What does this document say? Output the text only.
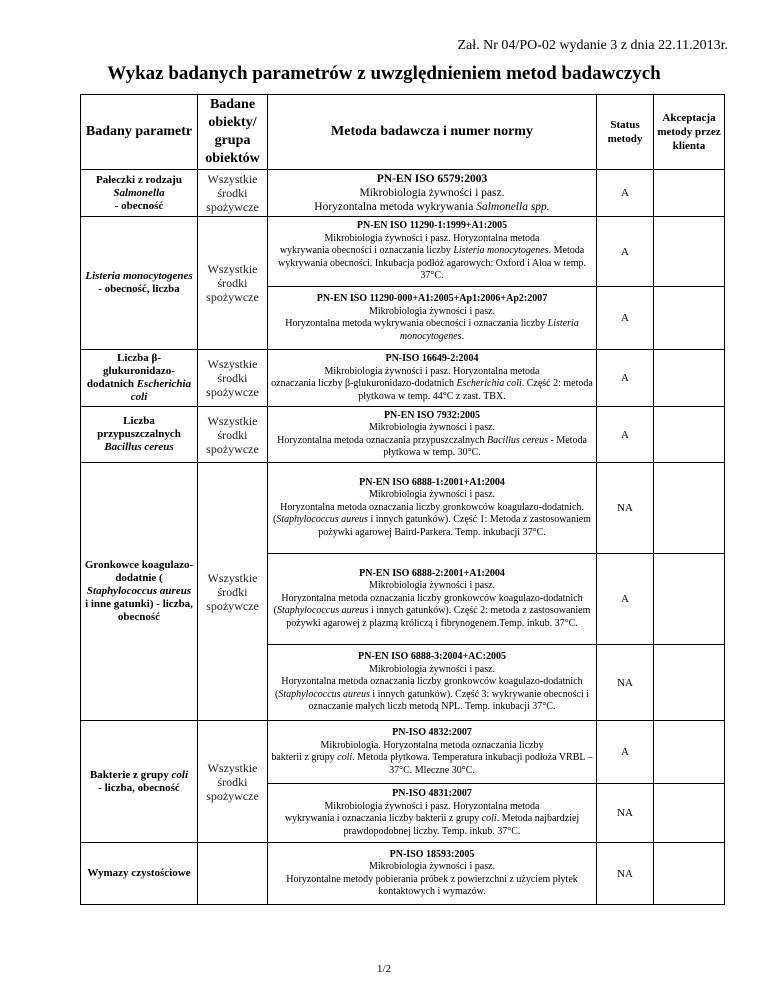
Zał. Nr 04/PO-02 wydanie 3 z dnia 22.11.2013r.
Wykaz badanych parametrów z uwzględnieniem metod badawczych
Badany parametr	Badane obiekty/ grupa obiektów	Metoda badawcza i numer normy	Status metody	Akceptacja metody przez klienta
Pałeczki z rodzaju Salmonella
- obecność	Wszystkie środki spożywcze	PN-EN ISO 6579:2003
Mikrobiologia żywności i pasz.
Horyzontalna metoda wykrywania Salmonella spp.	A	
Listeria monocytogenes
- obecność, liczba	Wszystkie środki spożywcze	PN-EN ISO 11290-1:1999+A1:2005
Mikrobiologia żywności i pasz. Horyzontalna metoda
wykrywania obecności i oznaczania liczby Listeria monocytogenes. Metoda wykrywania obecności. Inkubacja podłóż agarowych: Oxford i Aloa w temp. 37°C.	A	

		PN-EN ISO 11290-000+A1:2005+Ap1:2006+Ap2:2007
Mikrobiologia żywności i pasz.
Horyzontalna metoda wykrywania obecności i oznaczania liczby Listeria monocytogenes.	A	
Liczba β-glukuronidazo-dodatnich Escherichia coli	Wszystkie środki spożywcze	PN-ISO 16649-2:2004
Mikrobiologia żywności i pasz. Horyzontalna metoda
oznaczania liczby β-glukuronidazo-dodatnich Escherichia coli. Część 2: metoda płytkowa w temp. 44°C z zast. TBX.	A	
Liczba przypuszczalnych Bacillus cereus	Wszystkie środki spożywcze	PN-EN ISO 7932:2005
Mikrobiologia żywności i pasz.
Horyzontalna metoda oznaczania przypuszczalnych Bacillus cereus - Metoda płytkowa w temp. 30°C.	A	
Gronkowce koagulazo-dodatnie ( Staphylococcus aureus
i inne gatunki) - liczba, obecność	Wszystkie środki spożywcze	PN-EN ISO 6888-1:2001+A1:2004
Mikrobiologia żywności i pasz.
Horyzontalna metoda oznaczania liczby gronkowców koagulazo-dodatnich. (Staphylococcus aureus i innych gatunków). Część 1: Metoda z zastosowaniem pożywki agarowej Baird-Parkera. Temp. inkubacji 37°C.	NA	

		PN-EN ISO 6888-2:2001+A1:2004
Mikrobiologia żywności i pasz.
Horyzontalna metoda oznaczania liczby gronkowców koagulazo-dodatnich (Staphylococcus aureus i innych gatunków). Część 2: metoda z zastosowaniem pożywki agarowej z plazmą króliczą i fibrynogenem.Temp. inkub. 37°C.	A	

		PN-EN ISO 6888-3:2004+AC:2005
Mikrobiologia żywności i pasz.
Horyzontalna metoda oznaczania liczby gronkowców koagulazo-dodatnich (Staphylococcus aureus i innych gatunków). Część 3: wykrywanie obecności i oznaczanie małych liczb metodą NPL. Temp. inkubacji 37°C.	NA	
Bakterie z grupy coli
- liczba, obecność	Wszystkie środki spożywcze	PN-ISO 4832:2007
Mikrobiologia. Horyzontalna metoda oznaczania liczby
bakterii z grupy coli. Metoda płytkowa. Temperatura inkubacji podłoża VRBL – 37°C. Mleczne 30°C.	A	

		PN-ISO 4831:2007
Mikrobiologia żywności i pasz. Horyzontalna metoda
wykrywania i oznaczania liczby bakterii z grupy coli. Metoda najbardziej prawdopodobnej liczby. Temp. inkub. 37°C.	NA	
Wymazy czystościowe		PN-ISO 18593:2005
Mikrobiologia żywności i pasz.
Horyzontalne metody pobierania próbek z powierzchni z użyciem płytek kontaktowych i wymazów.	NA	
1/2
